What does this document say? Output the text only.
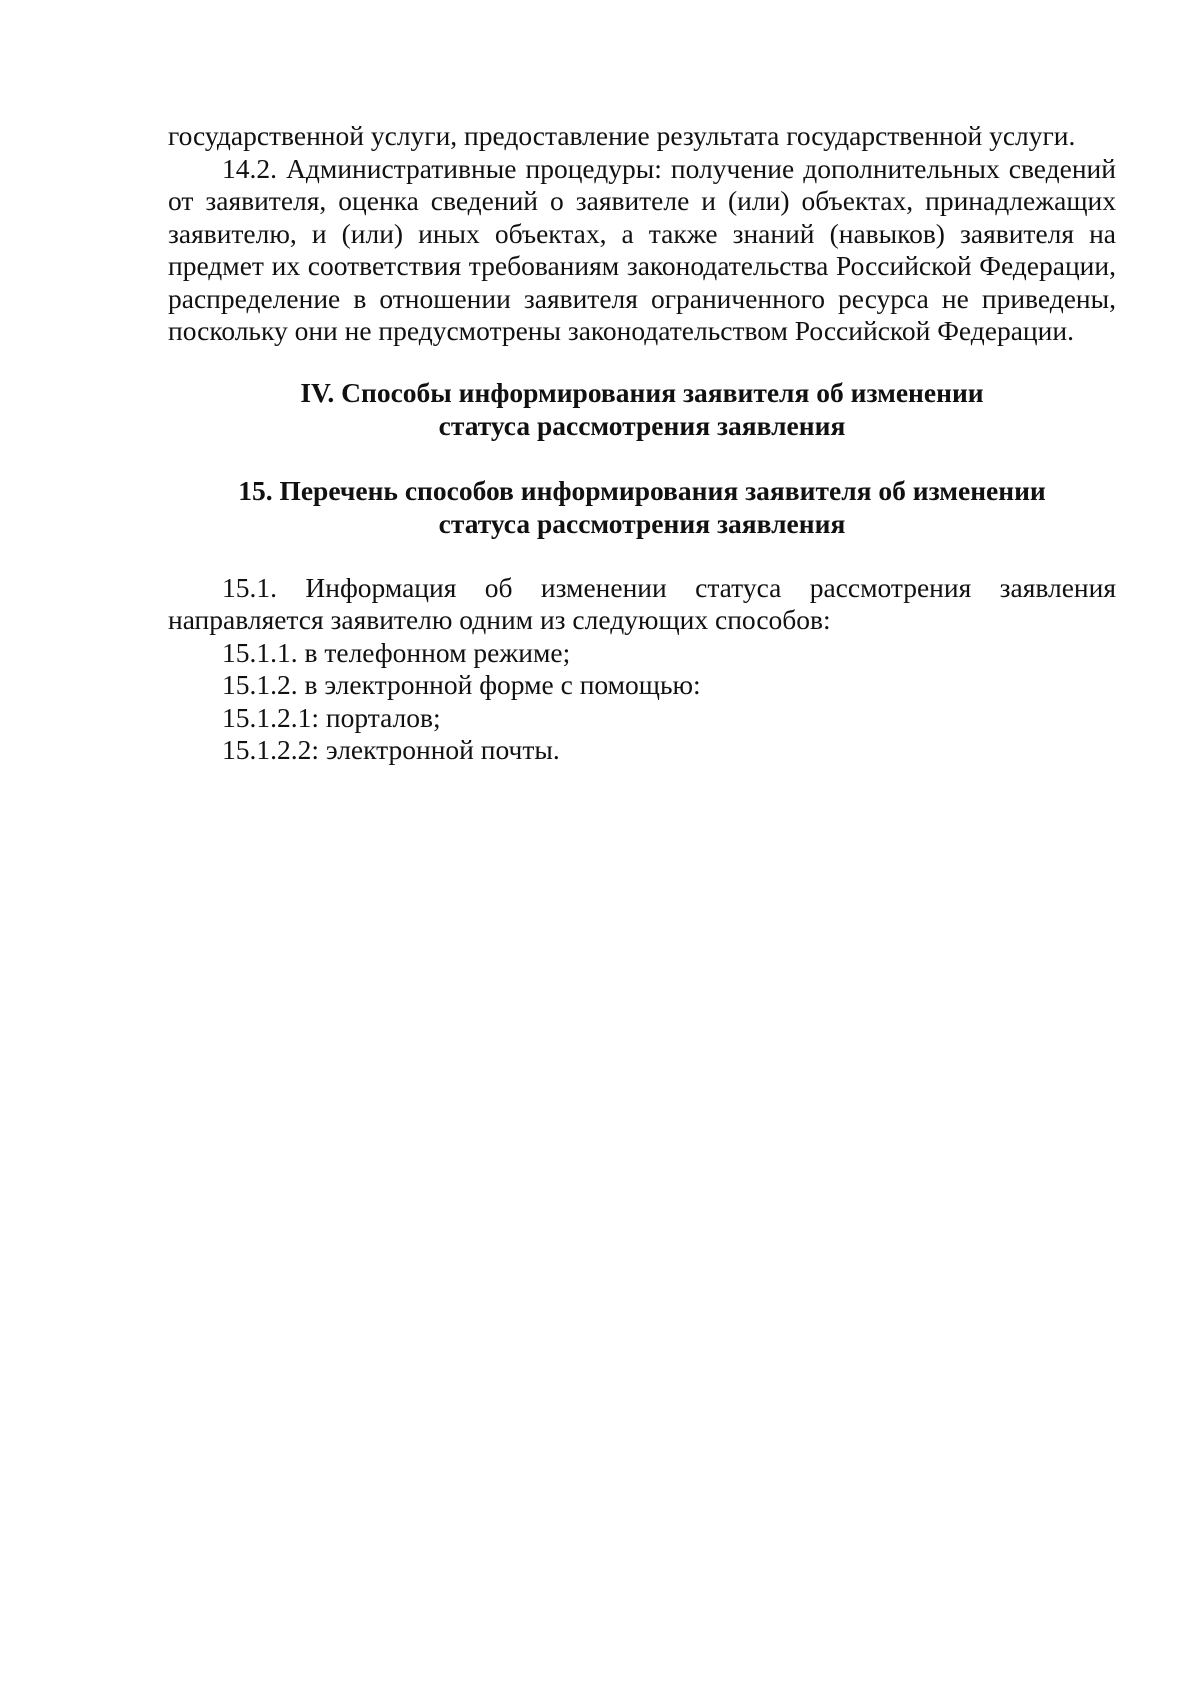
государственной услуги, предоставление результата государственной услуги.

14.2. Административные процедуры: получение дополнительных сведений от заявителя, оценка сведений о заявителе и (или) объектах, принадлежащих заявителю, и (или) иных объектах, а также знаний (навыков) заявителя на предмет их соответствия требованиям законодательства Российской Федерации, распределение в отношении заявителя ограниченного ресурса не приведены, поскольку они не предусмотрены законодательством Российской Федерации.

IV. Способы информирования заявителя об изменении
статуса рассмотрения заявления
15. Перечень способов информирования заявителя об изменении
статуса рассмотрения заявления

15.1. Информация об изменении статуса рассмотрения заявления направляется заявителю одним из следующих способов:

15.1.1. в телефонном режиме;

15.1.2. в электронной форме с помощью:

15.1.2.1: порталов;

15.1.2.2: электронной почты.
